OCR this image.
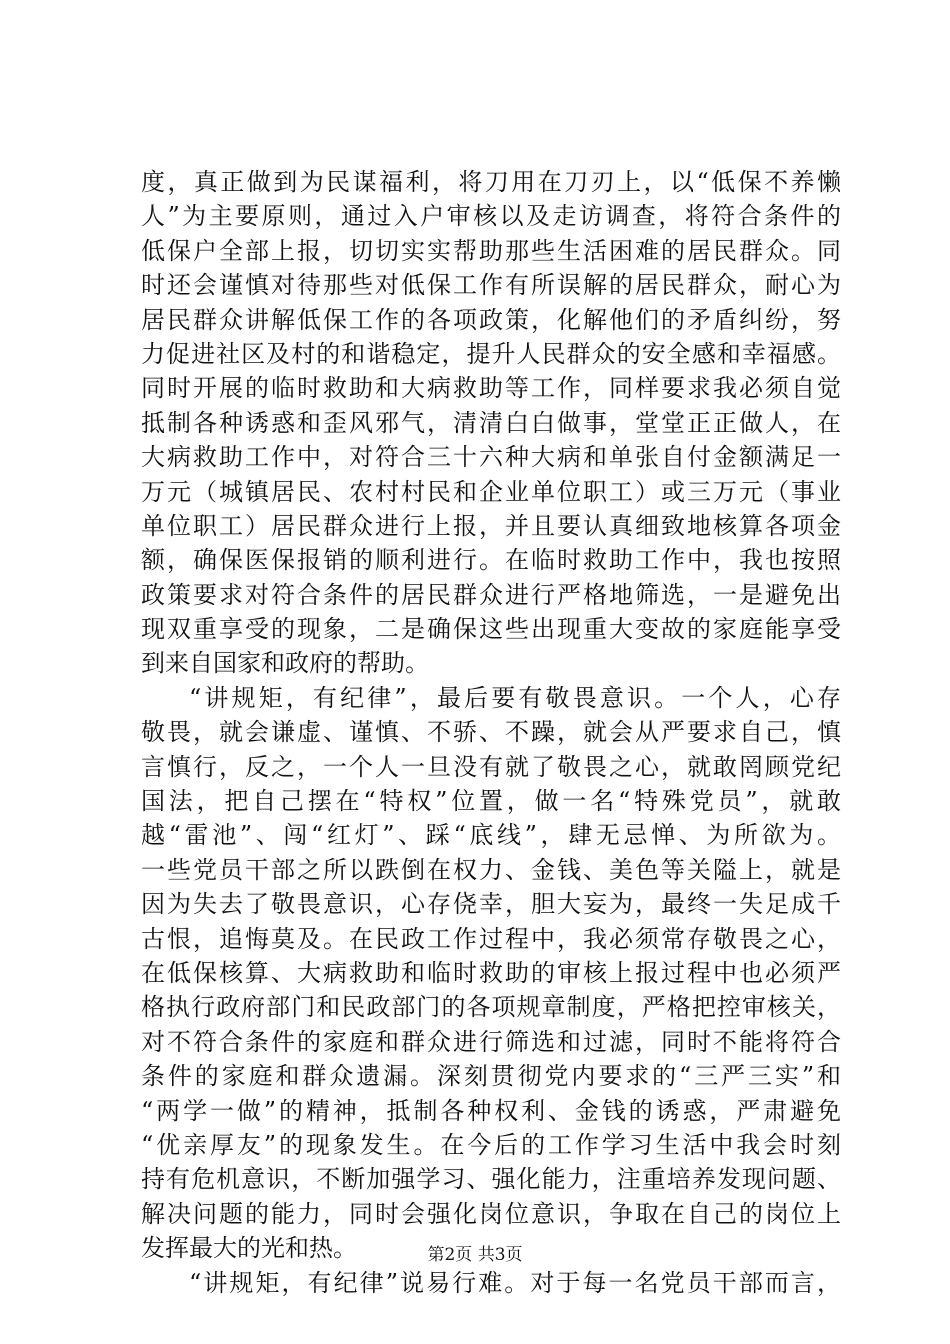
度，真正做到为民谋福利，将刀用在刀刃上，以“低保不养懒
人”为主要原则，通过入户审核以及走访调查，将符合条件的
低保户全部上报，切切实实帮助那些生活困难的居民群众。同
时还会谨慎对待那些对低保工作有所误解的居民群众，耐心为
居民群众讲解低保工作的各项政策，化解他们的矛盾纠纷，努
力促进社区及村的和谐稳定，提升人民群众的安全感和幸福感。
同时开展的临时救助和大病救助等工作，同样要求我必须自觉
抵制各种诱惑和歪风邪气，清清白白做事，堂堂正正做人，在
大病救助工作中，对符合三十六种大病和单张自付金额满足一
万元（城镇居民、农村村民和企业单位职工）或三万元（事业
单位职工）居民群众进行上报，并且要认真细致地核算各项金
额，确保医保报销的顺利进行。在临时救助工作中，我也按照
政策要求对符合条件的居民群众进行严格地筛选，一是避免出
现双重享受的现象，二是确保这些出现重大变故的家庭能享受
到来自国家和政府的帮助。
“讲规矩，有纪律”，最后要有敬畏意识。一个人，心存
敬畏，就会谦虚、谨慎、不骄、不躁，就会从严要求自己，慎
言慎行，反之，一个人一旦没有就了敬畏之心，就敢罔顾党纪
国法，把自己摆在“特权”位置，做一名“特殊党员”，就敢
越“雷池”、闯“红灯”、踩“底线”，肆无忌惮、为所欲为。
一些党员干部之所以跌倒在权力、金钱、美色等关隘上，就是
因为失去了敬畏意识，心存侥幸，胆大妄为，最终一失足成千
古恨，追悔莫及。在民政工作过程中，我必须常存敬畏之心，
在低保核算、大病救助和临时救助的审核上报过程中也必须严
格执行政府部门和民政部门的各项规章制度，严格把控审核关，
对不符合条件的家庭和群众进行筛选和过滤，同时不能将符合
条件的家庭和群众遗漏。深刻贯彻党内要求的“三严三实”和
“两学一做”的精神，抵制各种权利、金钱的诱惑，严肃避免
“优亲厚友”的现象发生。在今后的工作学习生活中我会时刻
持有危机意识，不断加强学习、强化能力，注重培养发现问题、
解决问题的能力，同时会强化岗位意识，争取在自己的岗位上
发挥最大的光和热。
“讲规矩，有纪律”说易行难。对于每一名党员干部而言，
第2页 共3页
